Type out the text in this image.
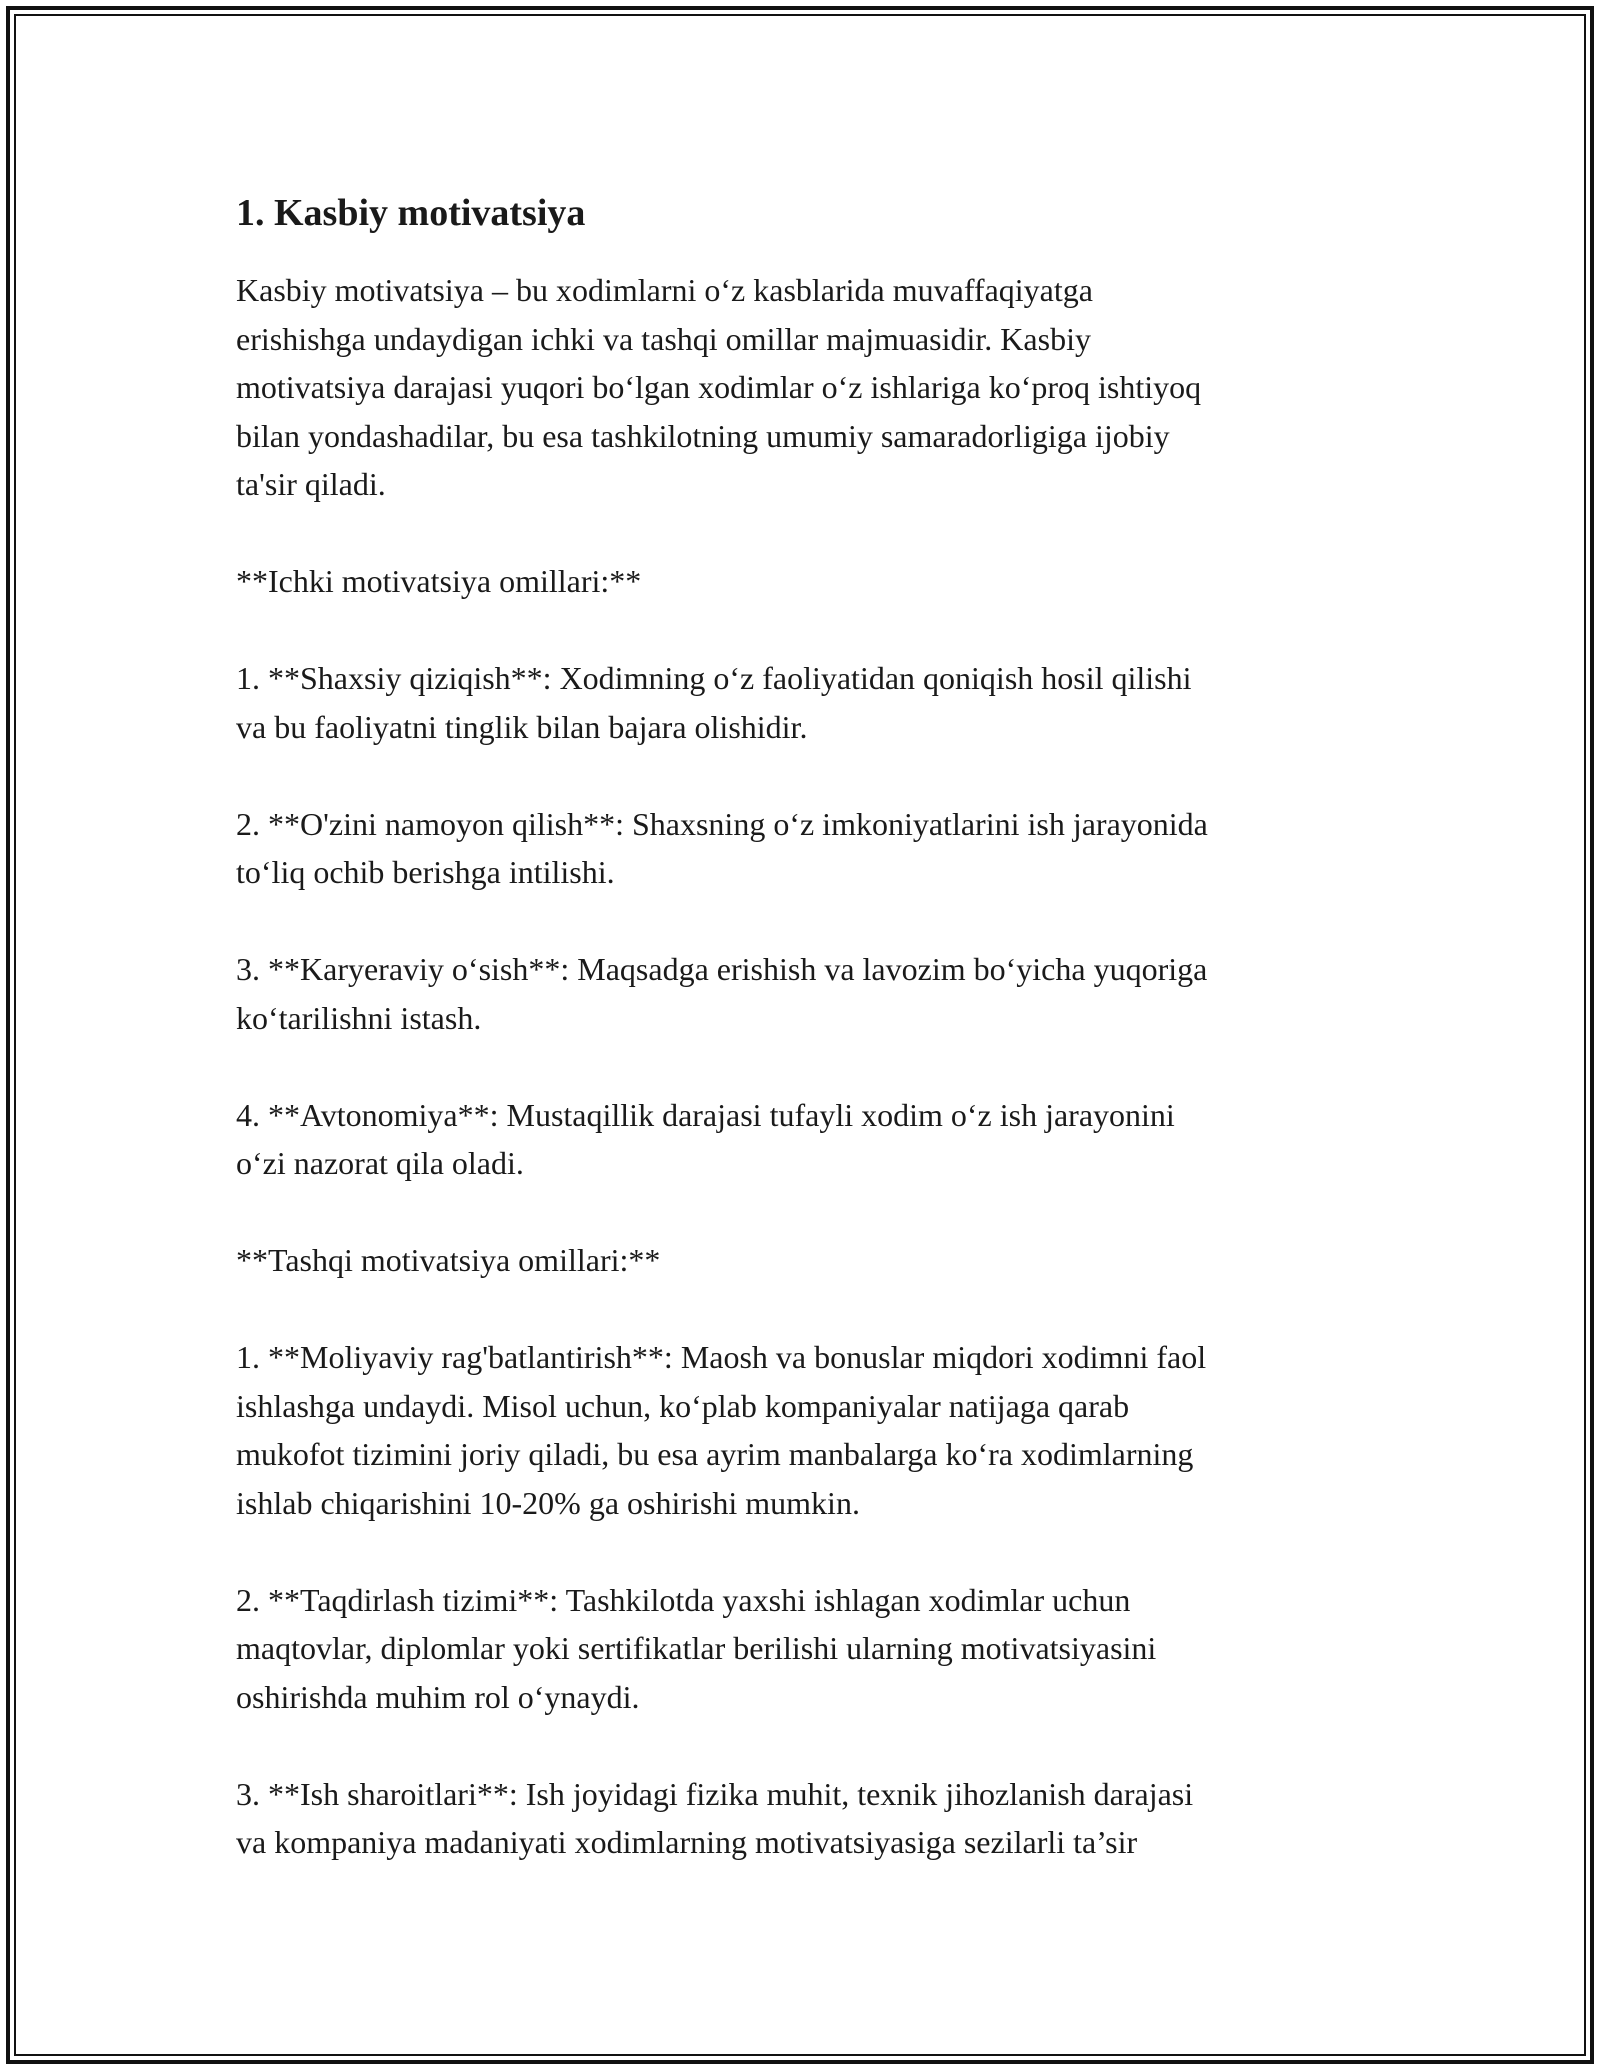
1. Kasbiy motivatsiya
Kasbiy motivatsiya – bu xodimlarni o‘z kasblarida muvaffaqiyatga
erishishga undaydigan ichki va tashqi omillar majmuasidir. Kasbiy
motivatsiya darajasi yuqori bo‘lgan xodimlar o‘z ishlariga ko‘proq ishtiyoq
bilan yondashadilar, bu esa tashkilotning umumiy samaradorligiga ijobiy
ta'sir qiladi.
**Ichki motivatsiya omillari:**
1. **Shaxsiy qiziqish**: Xodimning o‘z faoliyatidan qoniqish hosil qilishi
va bu faoliyatni tinglik bilan bajara olishidir.
2. **O'zini namoyon qilish**: Shaxsning o‘z imkoniyatlarini ish jarayonida
to‘liq ochib berishga intilishi.
3. **Karyeraviy o‘sish**: Maqsadga erishish va lavozim bo‘yicha yuqoriga
ko‘tarilishni istash.
4. **Avtonomiya**: Mustaqillik darajasi tufayli xodim o‘z ish jarayonini
o‘zi nazorat qila oladi.
**Tashqi motivatsiya omillari:**
1. **Moliyaviy rag'batlantirish**: Maosh va bonuslar miqdori xodimni faol
ishlashga undaydi. Misol uchun, ko‘plab kompaniyalar natijaga qarab
mukofot tizimini joriy qiladi, bu esa ayrim manbalarga ko‘ra xodimlarning
ishlab chiqarishini 10-20% ga oshirishi mumkin.
2. **Taqdirlash tizimi**: Tashkilotda yaxshi ishlagan xodimlar uchun
maqtovlar, diplomlar yoki sertifikatlar berilishi ularning motivatsiyasini
oshirishda muhim rol o‘ynaydi.
3. **Ish sharoitlari**: Ish joyidagi fizika muhit, texnik jihozlanish darajasi
va kompaniya madaniyati xodimlarning motivatsiyasiga sezilarli ta’sir
